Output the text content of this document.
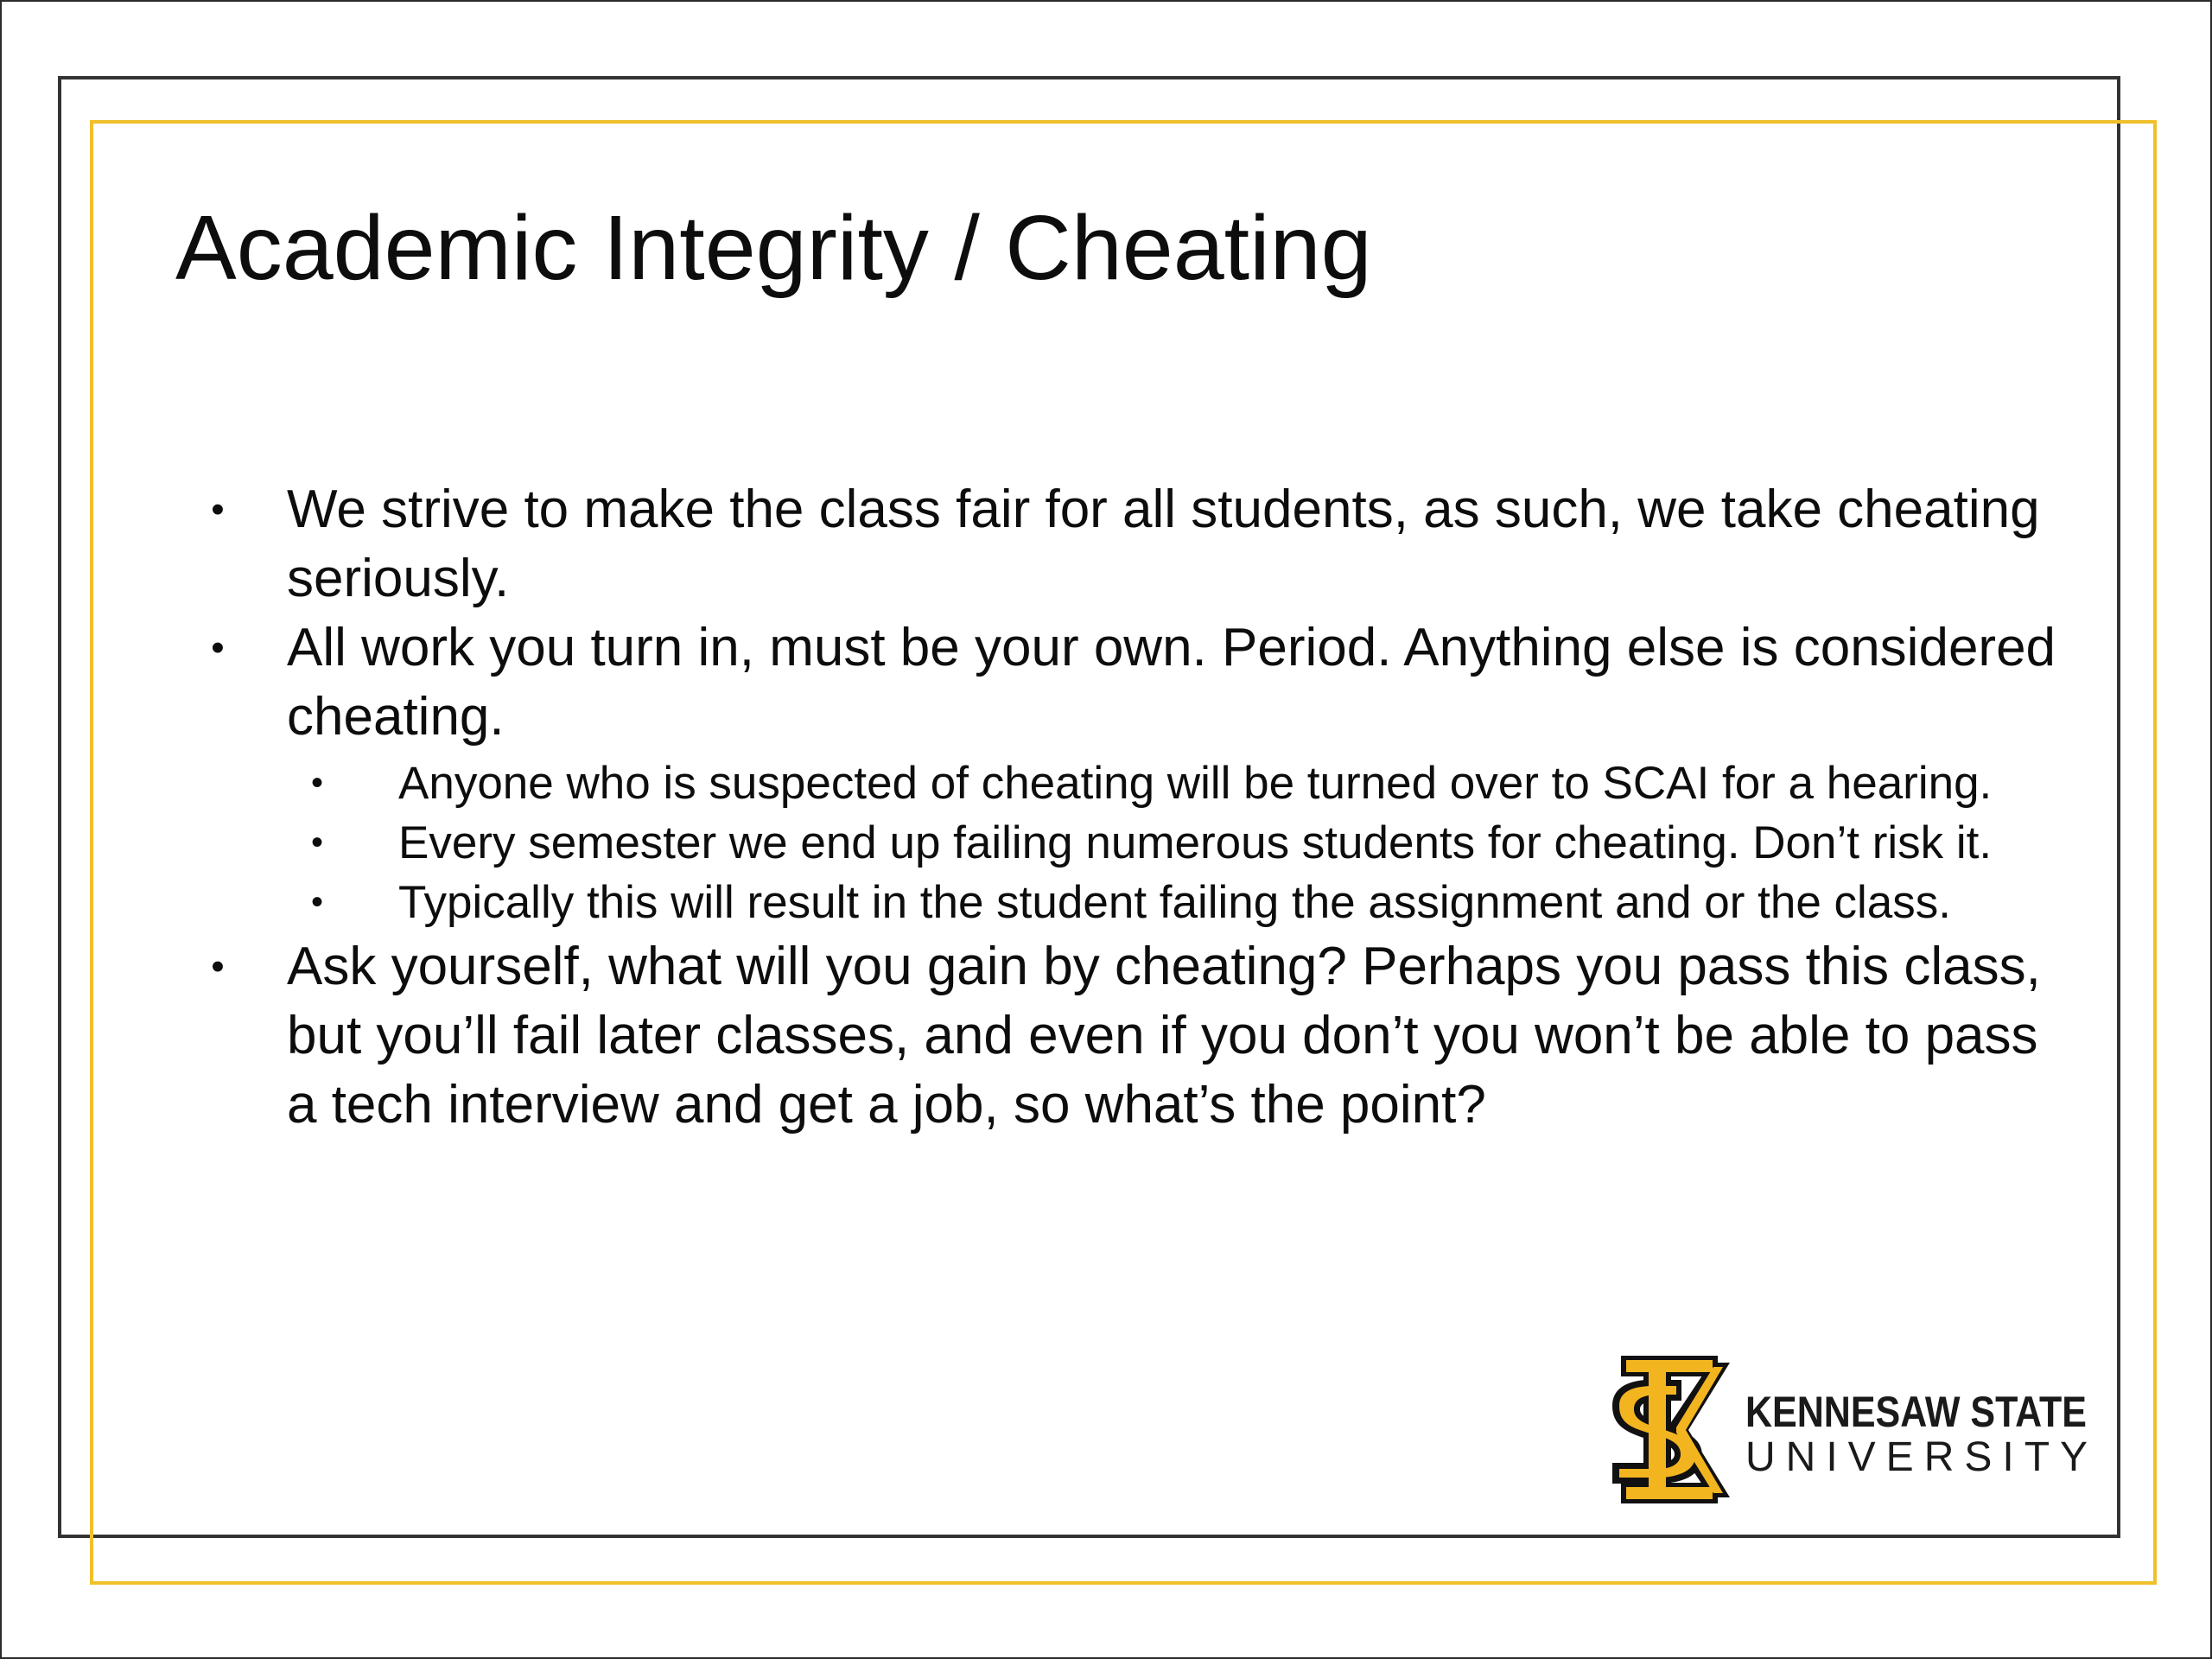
Academic Integrity / Cheating
• We strive to make the class fair for all students, as such, we take cheating seriously.
• All work you turn in, must be your own. Period. Anything else is considered cheating.
•	Anyone who is suspected of cheating will be turned over to SCAI for a hearing.
•	Every semester we end up failing numerous students for cheating. Don’t risk it.
•	Typically this will result in the student failing the assignment and or the class.
• Ask yourself, what will you gain by cheating? Perhaps you pass this class, but you’ll fail later classes, and even if you don’t you won’t be able to pass a tech interview and get a job, so what’s the point?
KENNESAW STATE
UNIVERSITY
